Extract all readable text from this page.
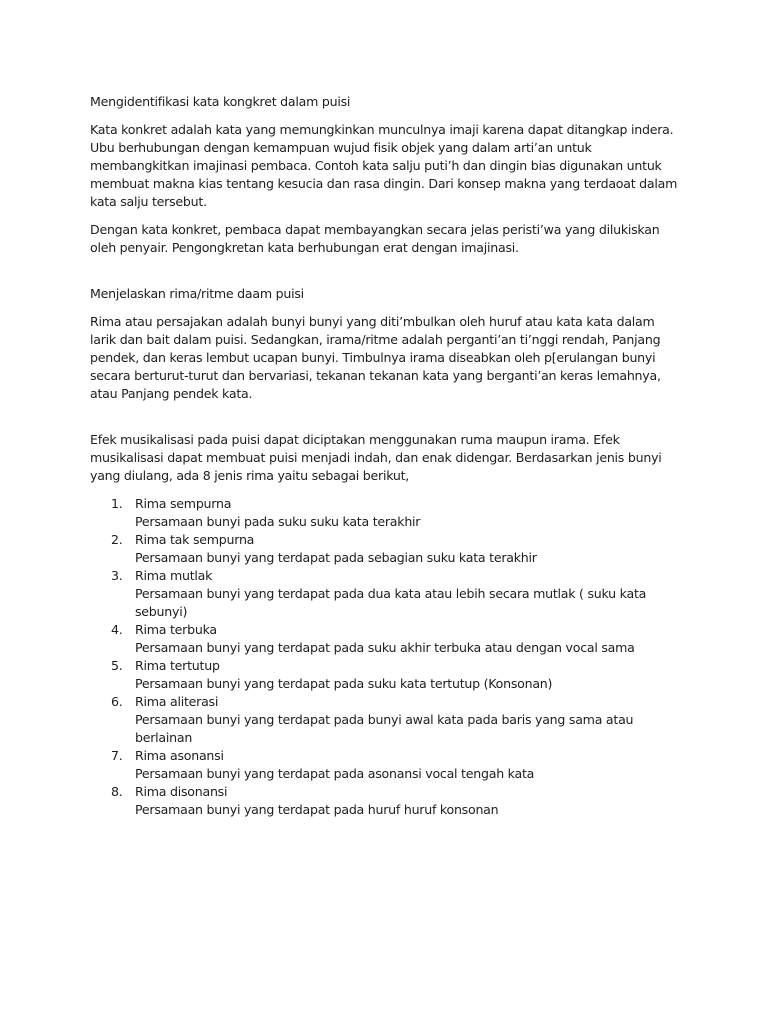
Mengidentifikasi kata kongkret dalam puisi

Kata konkret adalah kata yang memungkinkan munculnya imaji karena dapat ditangkap indera. Ubu berhubungan dengan kemampuan wujud fisik objek yang dalam arti’an untuk membangkitkan imajinasi pembaca. Contoh kata salju puti’h dan dingin bias digunakan untuk membuat makna kias tentang kesucia dan rasa dingin. Dari konsep makna yang terdaoat dalam kata salju tersebut.

Dengan kata konkret, pembaca dapat membayangkan secara jelas peristi’wa yang dilukiskan oleh penyair. Pengongkretan kata berhubungan erat dengan imajinasi.

Menjelaskan rima/ritme daam puisi

Rima atau persajakan adalah bunyi bunyi yang diti’mbulkan oleh huruf atau kata kata dalam larik dan bait dalam puisi. Sedangkan, irama/ritme adalah perganti’an ti’nggi rendah, Panjang pendek, dan keras lembut ucapan bunyi. Timbulnya irama diseabkan oleh p[erulangan bunyi secara berturut-turut dan bervariasi, tekanan tekanan kata yang berganti’an keras lemahnya, atau Panjang pendek kata.

Efek musikalisasi pada puisi dapat diciptakan menggunakan ruma maupun irama. Efek musikalisasi dapat membuat puisi menjadi indah, dan enak didengar. Berdasarkan jenis bunyi yang diulang, ada 8 jenis rima yaitu sebagai berikut,

1. Rima sempurna
Persamaan bunyi pada suku suku kata terakhir
2. Rima tak sempurna
Persamaan bunyi yang terdapat pada sebagian suku kata terakhir
3. Rima mutlak
Persamaan bunyi yang terdapat pada dua kata atau lebih secara mutlak ( suku kata sebunyi)
4. Rima terbuka
Persamaan bunyi yang terdapat pada suku akhir terbuka atau dengan vocal sama
5. Rima tertutup
Persamaan bunyi yang terdapat pada suku kata tertutup (Konsonan)
6. Rima aliterasi
Persamaan bunyi yang terdapat pada bunyi awal kata pada baris yang sama atau berlainan
7. Rima asonansi
Persamaan bunyi yang terdapat pada asonansi vocal tengah kata
8. Rima disonansi
Persamaan bunyi yang terdapat pada huruf huruf konsonan
